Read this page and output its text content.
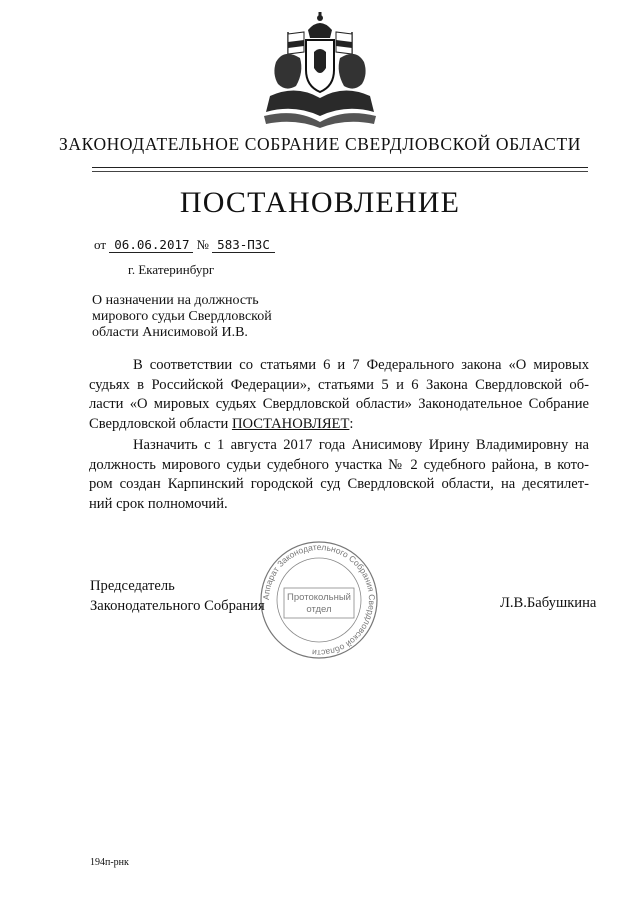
ЗАКОНОДАТЕЛЬНОЕ СОБРАНИЕ СВЕРДЛОВСКОЙ ОБЛАСТИ
ПОСТАНОВЛЕНИЕ
от 06.06.2017 № 583-ПЗС
г. Екатеринбург
О назначении на должность
мирового судьи Свердловской
области Анисимовой И.В.
В соответствии со статьями 6 и 7 Федерального закона «О мировых
судьях в Российской Федерации», статьями 5 и 6 Закона Свердловской об-
ласти «О мировых судьях Свердловской области» Законодательное Собрание
Свердловской области ПОСТАНОВЛЯЕТ:
Назначить с 1 августа 2017 года Анисимову Ирину Владимировну на
должность мирового судьи судебного участка № 2 судебного района, в кото-
ром создан Карпинский городской суд Свердловской области, на десятилет-
ний срок полномочий.
Аппарат Законодательного Собрания Свердловской области
Протокольный
отдел
Председатель
Законодательного Собрания	Л.В.Бабушкина
194п-рнк
